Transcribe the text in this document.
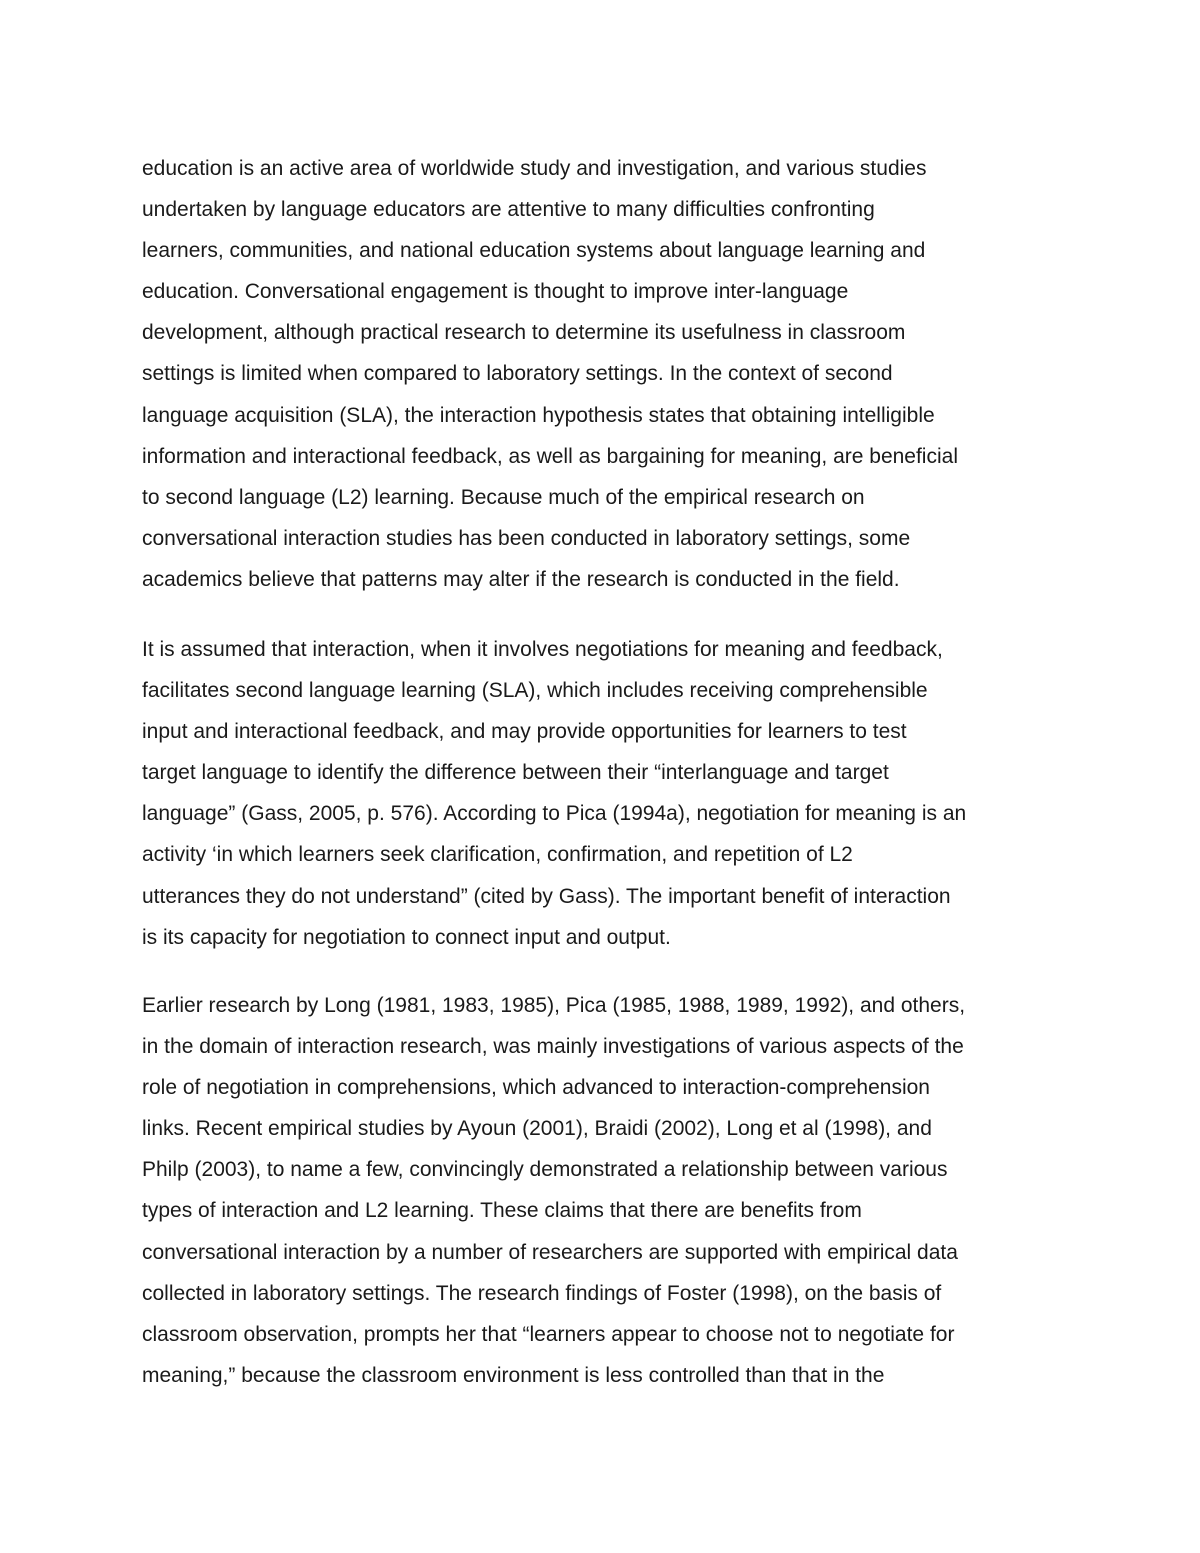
education is an active area of worldwide study and investigation, and various studies
undertaken by language educators are attentive to many difficulties confronting
learners, communities, and national education systems about language learning and
education. Conversational engagement is thought to improve inter-language
development, although practical research to determine its usefulness in classroom
settings is limited when compared to laboratory settings. In the context of second
language acquisition (SLA), the interaction hypothesis states that obtaining intelligible
information and interactional feedback, as well as bargaining for meaning, are beneficial
to second language (L2) learning. Because much of the empirical research on
conversational interaction studies has been conducted in laboratory settings, some
academics believe that patterns may alter if the research is conducted in the field.
It is assumed that interaction, when it involves negotiations for meaning and feedback,
facilitates second language learning (SLA), which includes receiving comprehensible
input and interactional feedback, and may provide opportunities for learners to test
target language to identify the difference between their “interlanguage and target
language” (Gass, 2005, p. 576). According to Pica (1994a), negotiation for meaning is an
activity ‘in which learners seek clarification, confirmation, and repetition of L2
utterances they do not understand” (cited by Gass). The important benefit of interaction
is its capacity for negotiation to connect input and output.
Earlier research by Long (1981, 1983, 1985), Pica (1985, 1988, 1989, 1992), and others,
in the domain of interaction research, was mainly investigations of various aspects of the
role of negotiation in comprehensions, which advanced to interaction-comprehension
links. Recent empirical studies by Ayoun (2001), Braidi (2002), Long et al (1998), and
Philp (2003), to name a few, convincingly demonstrated a relationship between various
types of interaction and L2 learning. These claims that there are benefits from
conversational interaction by a number of researchers are supported with empirical data
collected in laboratory settings. The research findings of Foster (1998), on the basis of
classroom observation, prompts her that “learners appear to choose not to negotiate for
meaning,” because the classroom environment is less controlled than that in the
